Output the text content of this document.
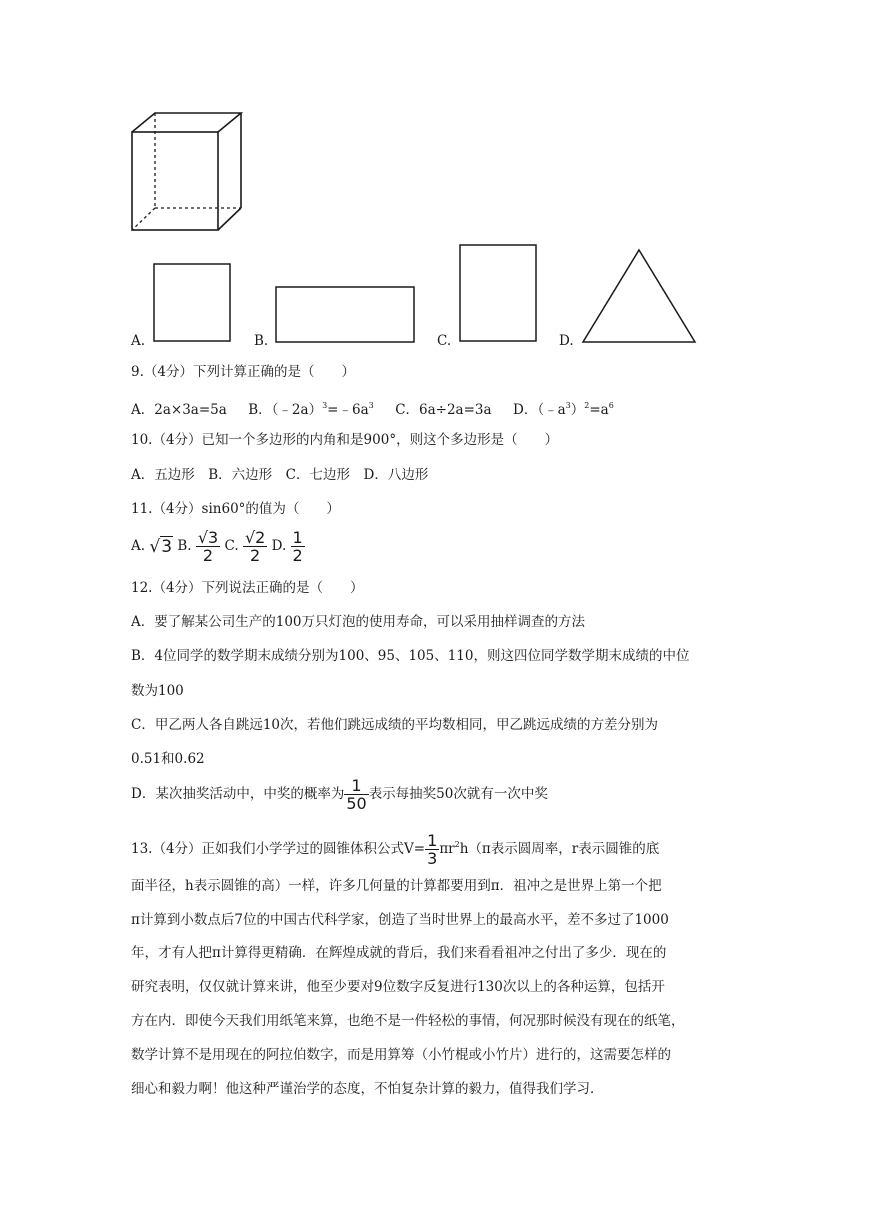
A.	B.	C.	D.
9.（4分）下列计算正确的是（　　）
A．2a×3a=5a B．$(﹣2a)^3=﹣6a^3$ C．6a÷2a=3a D．$(﹣a^3)^2=a^6$
10.（4分）已知一个多边形的内角和是900°，则这个多边形是（　　）
A．五边形　B．六边形　C．七边形　D．八边形
11.（4分）sin60°的值为（　　）
A. √3 B. $\frac{√3}{2} C$. $\frac{√2}{2} D$. $\frac{1}{2}$
12.（4分）下列说法正确的是（　　）
A．要了解某公司生产的100万只灯泡的使用寿命，可以采用抽样调查的方法
B．4位同学的数学期末成绩分别为100、95、105、110，则这四位同学数学期末成绩的中位
数为100
C．甲乙两人各自跳远10次，若他们跳远成绩的平均数相同，甲乙跳远成绩的方差分别为
0.51和0.62
D．某次抽奖活动中，中奖的概率为 $\frac{1}{50}$ 表示每抽奖50次就有一次中奖
13.（4分）正如我们小学学过的圆锥体积公式$V= \frac{1}{3} \pi r^2h(\pi$表示圆周率，r表示圆锥的底
面半径，h表示圆锥的高）一样，许多几何量的计算都要用到π．祖冲之是世界上第一个把
π计算到小数点后7位的中国古代科学家，创造了当时世界上的最高水平，差不多过了1000
年，才有人把π计算得更精确．在辉煌成就的背后，我们来看看祖冲之付出了多少．现在的
研究表明，仅仅就计算来讲，他至少要对9位数字反复进行130次以上的各种运算，包括开
方在内．即使今天我们用纸笔来算，也绝不是一件轻松的事情，何况那时候没有现在的纸笔，
数学计算不是用现在的阿拉伯数字，而是用算筹（小竹棍或小竹片）进行的，这需要怎样的
细心和毅力啊！他这种严谨治学的态度，不怕复杂计算的毅力，值得我们学习．
